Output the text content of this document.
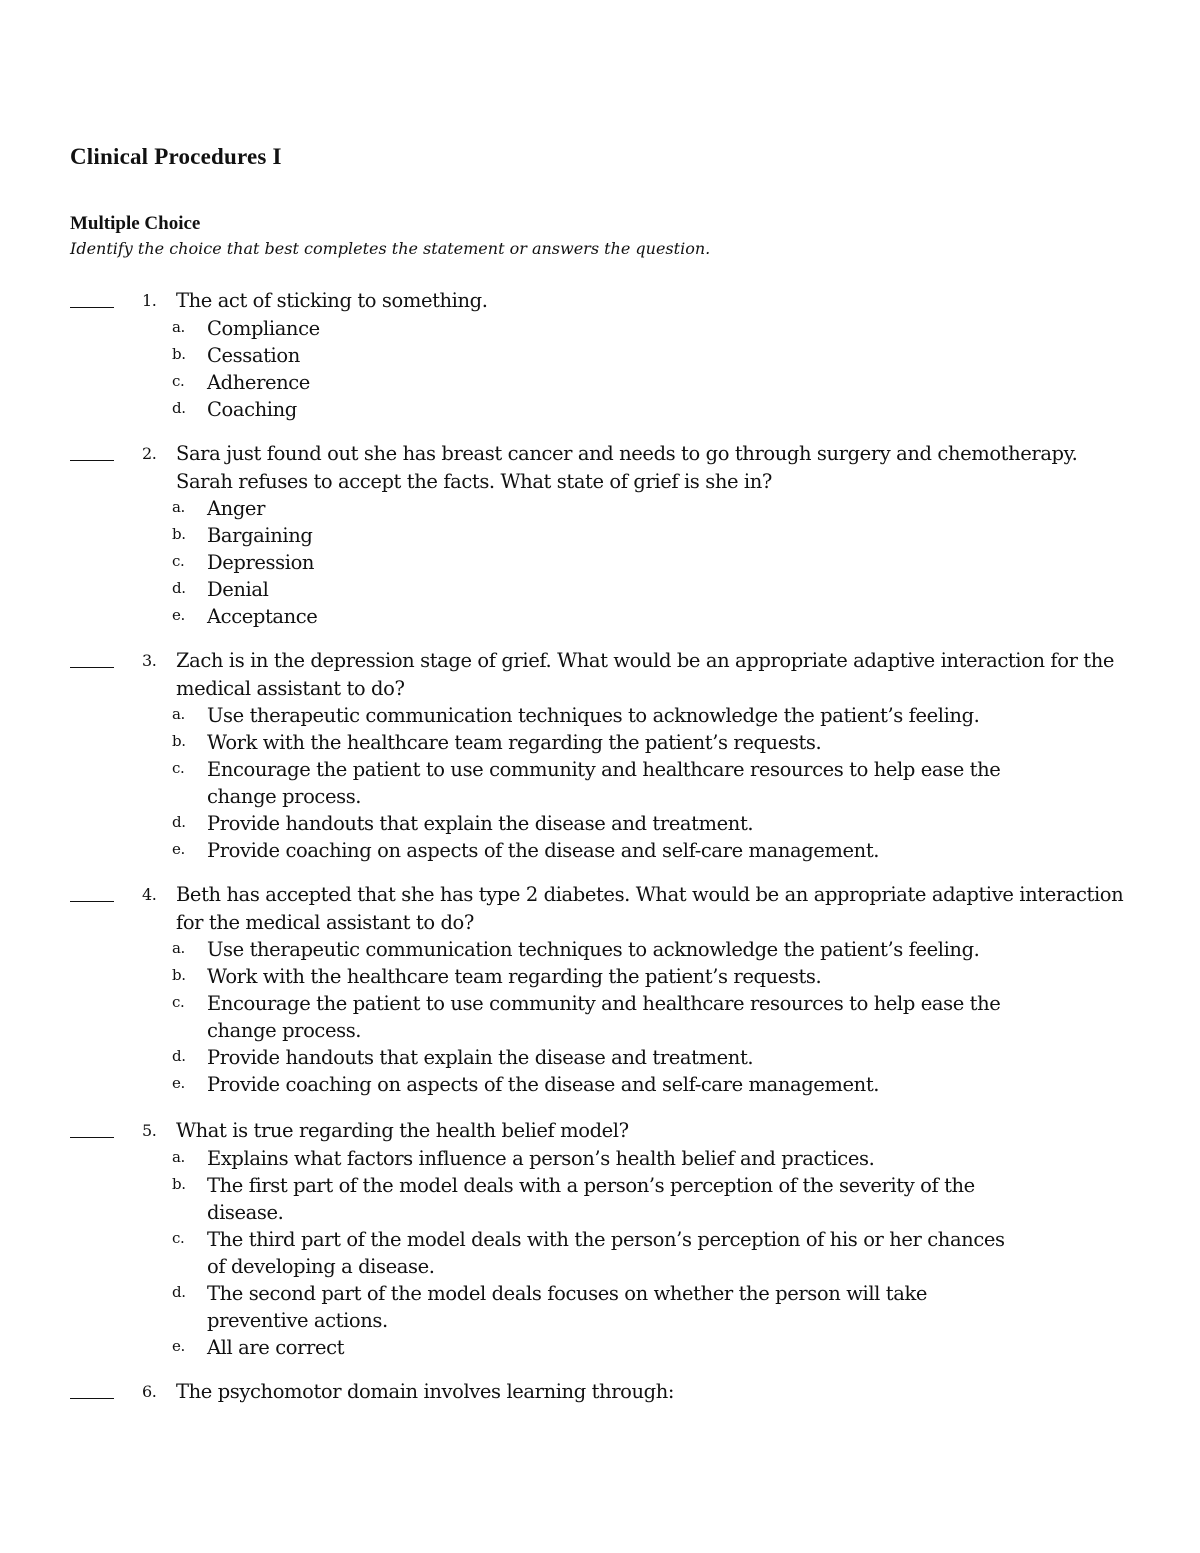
Clinical Procedures I
Multiple Choice

Identify the choice that best completes the statement or answers the question.

1. The act of sticking to something.
a. Compliance
b. Cessation
c. Adherence
d. Coaching
2. Sara just found out she has breast cancer and needs to go through surgery and chemotherapy. Sarah refuses to accept the facts. What state of grief is she in?
a. Anger
b. Bargaining
c. Depression
d. Denial
e. Acceptance
3. Zach is in the depression stage of grief. What would be an appropriate adaptive interaction for the medical assistant to do?
a. Use therapeutic communication techniques to acknowledge the patient’s feeling.
b. Work with the healthcare team regarding the patient’s requests.
c. Encourage the patient to use community and healthcare resources to help ease the change process.
d. Provide handouts that explain the disease and treatment.
e. Provide coaching on aspects of the disease and self-care management.
4. Beth has accepted that she has type 2 diabetes. What would be an appropriate adaptive interaction for the medical assistant to do?
a. Use therapeutic communication techniques to acknowledge the patient’s feeling.
b. Work with the healthcare team regarding the patient’s requests.
c. Encourage the patient to use community and healthcare resources to help ease the change process.
d. Provide handouts that explain the disease and treatment.
e. Provide coaching on aspects of the disease and self-care management.
5. What is true regarding the health belief model?
a. Explains what factors influence a person’s health belief and practices.
b. The first part of the model deals with a person’s perception of the severity of the disease.
c. The third part of the model deals with the person’s perception of his or her chances of developing a disease.
d. The second part of the model deals focuses on whether the person will take preventive actions.
e. All are correct
6. The psychomotor domain involves learning through:
